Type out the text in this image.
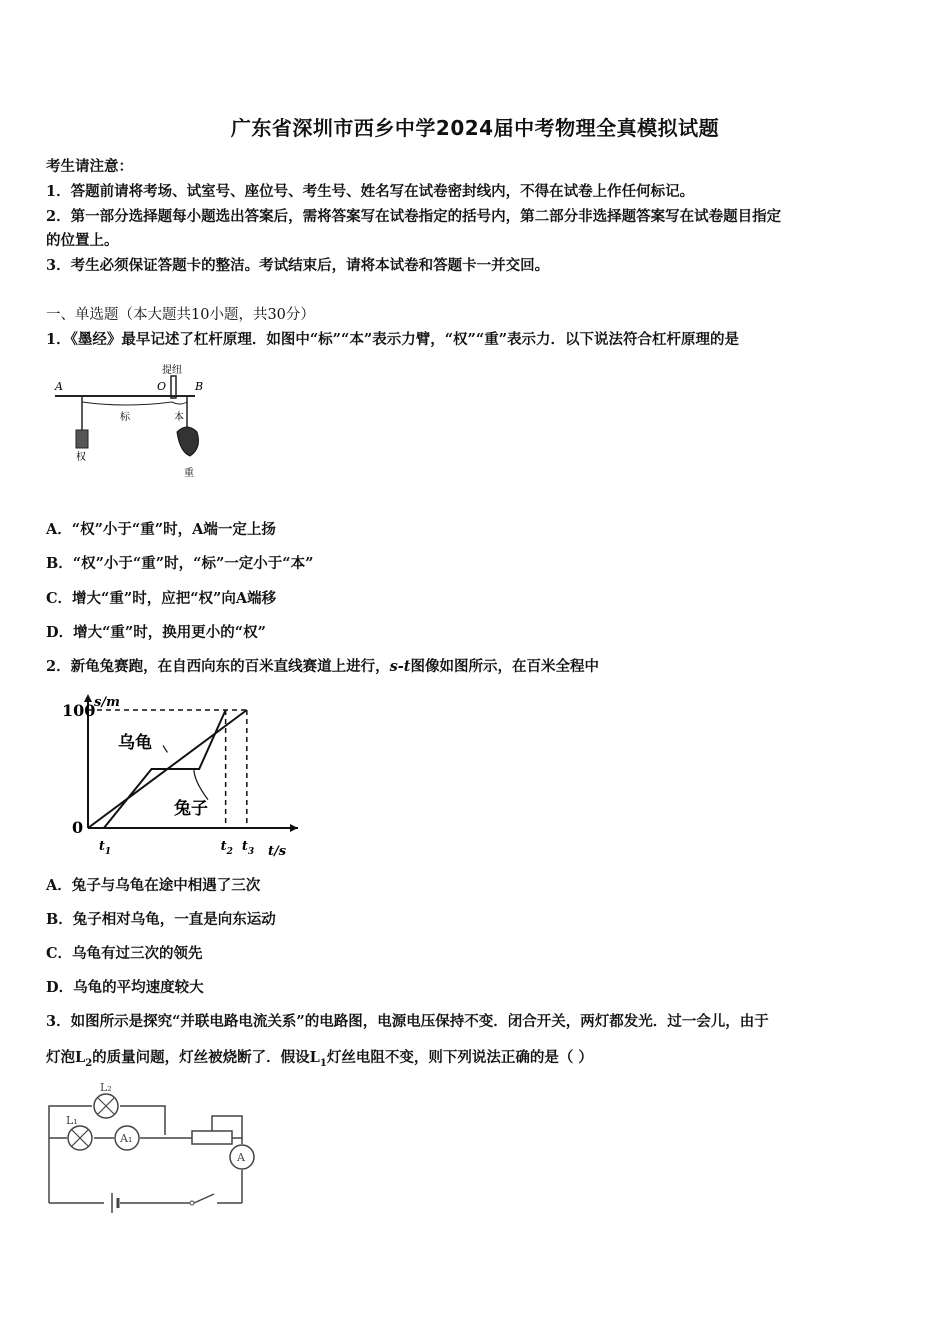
广东省深圳市西乡中学2024届中考物理全真模拟试题
考生请注意：
1．答题前请将考场、试室号、座位号、考生号、姓名写在试卷密封线内，不得在试卷上作任何标记。
2．第一部分选择题每小题选出答案后，需将答案写在试卷指定的括号内，第二部分非选择题答案写在试卷题目指定
的位置上。
3．考生必须保证答题卡的整洁。考试结束后，请将本试卷和答题卡一并交回。
一、单选题（本大题共10小题，共30分）
1．《墨经》最早记述了杠杆原理．如图中“标”“本”表示力臂，“权”“重”表示力．以下说法符合杠杆原理的是
A	O	B
提纽
标	本
权
重
A．“权”小于“重”时，A端一定上扬
B．“权”小于“重”时，“标”一定小于“本”
C．增大“重”时，应把“权”向A端移
D．增大“重”时，换用更小的“权”
2．新龟兔赛跑，在自西向东的百米直线赛道上进行，s-t图像如图所示，在百米全程中
s/m
t/s
100
0
$t_1$	$t_2$ $t_3$
乌龟
兔子
A．兔子与乌龟在途中相遇了三次
B．兔子相对乌龟，一直是向东运动
C．乌龟有过三次的领先
D．乌龟的平均速度较大
3．如图所示是探究“并联电路电流关系”的电路图，电源电压保持不变．闭合开关，两灯都发光．过一会儿，由于
灯泡$L_2$的质量问题，灯丝被烧断了．假设$L_1$灯丝电阻不变，则下列说法正确的是（ ）
L₂
L₁
A₁
A
